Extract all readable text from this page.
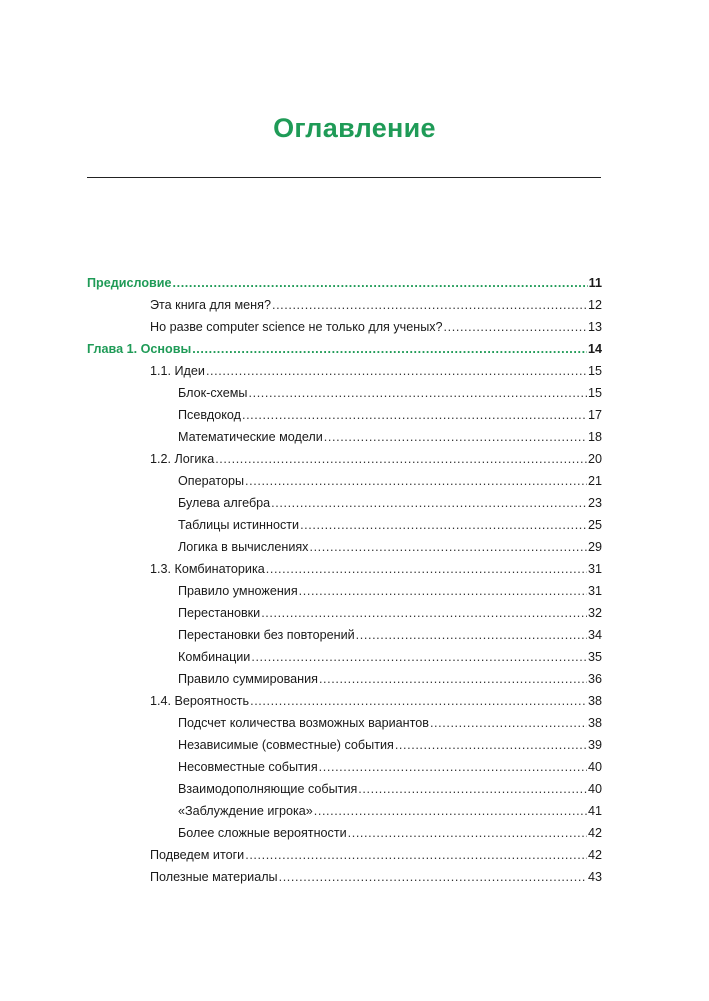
Оглавление
Предисловие .....	11
Эта книга для меня? .....	12
Но разве computer science не только для ученых? .....	13
Глава 1. Основы .....	14
1.1. Идеи .....	15
Блок-схемы .....	15
Псевдокод .....	17
Математические модели .....	18
1.2. Логика .....	20
Операторы .....	21
Булева алгебра .....	23
Таблицы истинности .....	25
Логика в вычислениях .....	29
1.3. Комбинаторика .....	31
Правило умножения .....	31
Перестановки .....	32
Перестановки без повторений .....	34
Комбинации .....	35
Правило суммирования .....	36
1.4. Вероятность .....	38
Подсчет количества возможных вариантов .....	38
Независимые (совместные) события .....	39
Несовместные события .....	40
Взаимодополняющие события .....	40
«Заблуждение игрока» .....	41
Более сложные вероятности .....	42
Подведем итоги .....	42
Полезные материалы .....	43
